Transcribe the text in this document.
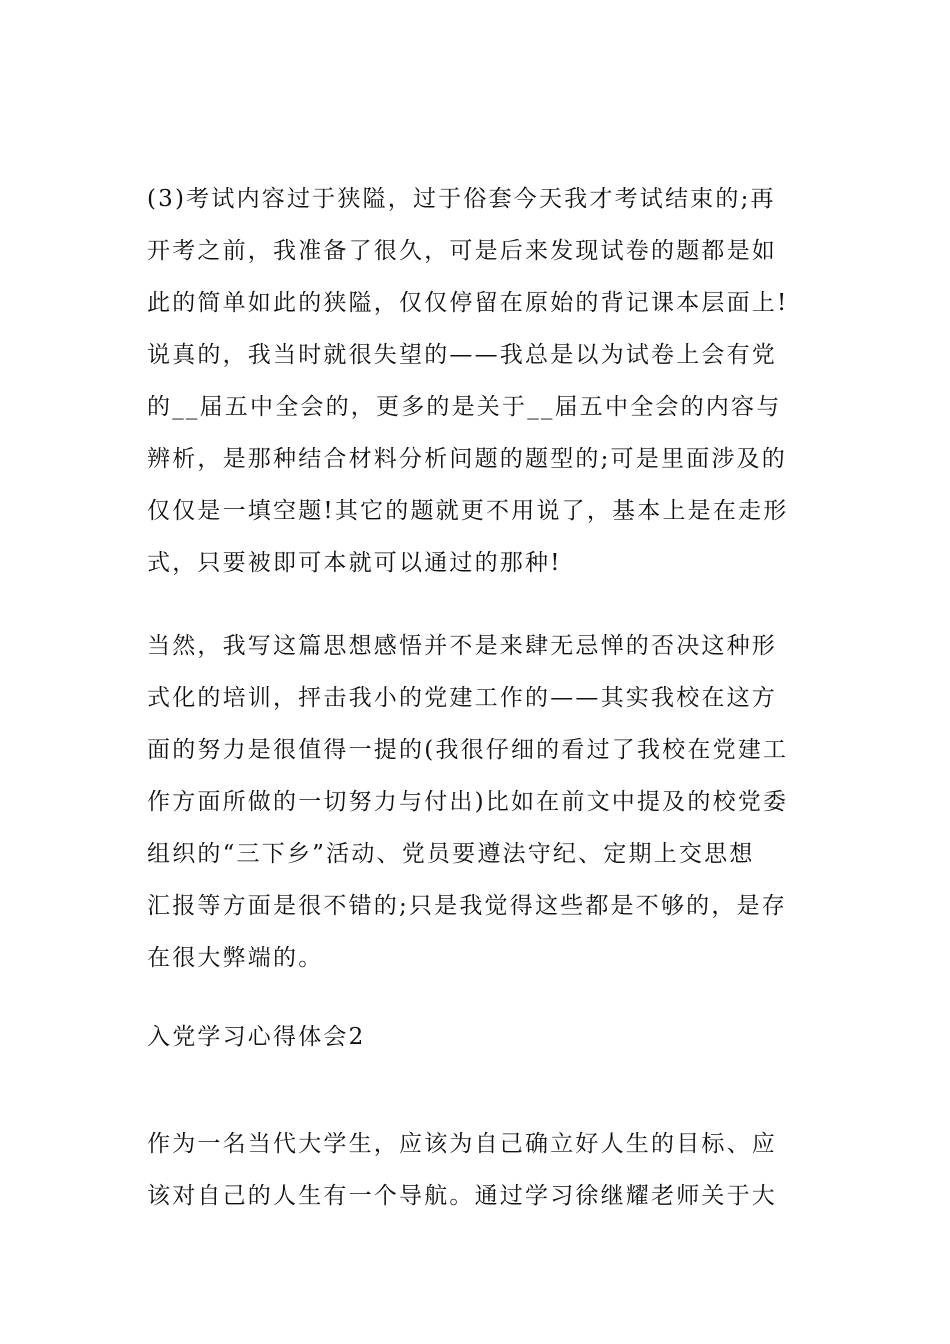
(3)考试内容过于狭隘，过于俗套今天我才考试结束的;再
开考之前，我准备了很久，可是后来发现试卷的题都是如
此的简单如此的狭隘，仅仅停留在原始的背记课本层面上!
说真的，我当时就很失望的——我总是以为试卷上会有党
的__届五中全会的，更多的是关于__届五中全会的内容与
辨析，是那种结合材料分析问题的题型的;可是里面涉及的
仅仅是一填空题!其它的题就更不用说了，基本上是在走形
式，只要被即可本就可以通过的那种!
当然，我写这篇思想感悟并不是来肆无忌惮的否决这种形
式化的培训，抨击我小的党建工作的——其实我校在这方
面的努力是很值得一提的(我很仔细的看过了我校在党建工
作方面所做的一切努力与付出)比如在前文中提及的校党委
组织的“三下乡”活动、党员要遵法守纪、定期上交思想
汇报等方面是很不错的;只是我觉得这些都是不够的，是存
在很大弊端的。
入党学习心得体会2
作为一名当代大学生，应该为自己确立好人生的目标、应
该对自己的人生有一个导航。通过学习徐继耀老师关于大
